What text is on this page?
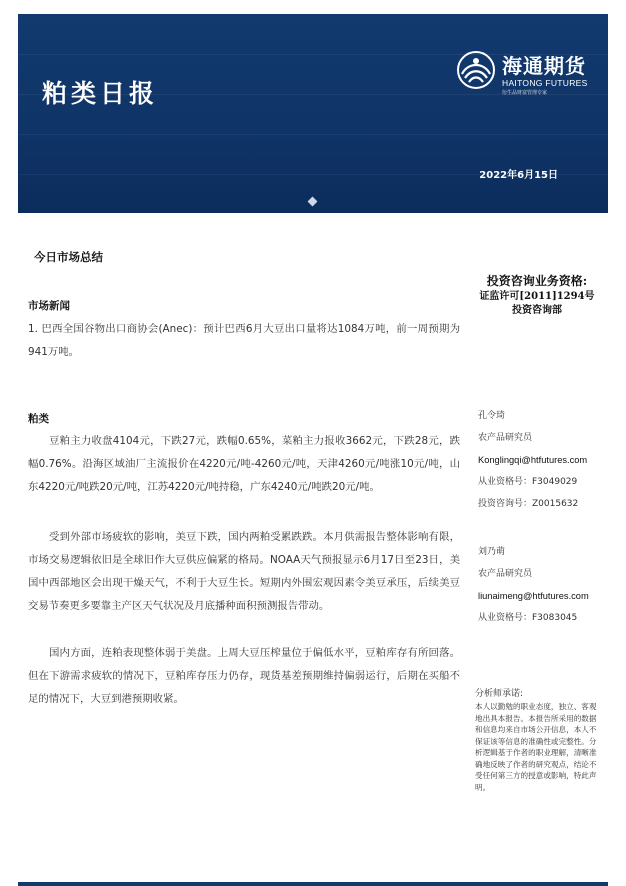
粕类日报
海通期货
HAITONG FUTURES
衍生品财富管理专家
2022年6月15日
今日市场总结
市场新闻
1. 巴西全国谷物出口商协会(Anec)：预计巴西6月大豆出口量将达1084万吨，前一周预期为941万吨。
粕类
豆粕主力收盘4104元，下跌27元，跌幅0.65%，菜粕主力报收3662元，下跌28元，跌幅0.76%。沿海区域油厂主流报价在4220元/吨-4260元/吨，天津4260元/吨涨10元/吨，山东4220元/吨跌20元/吨，江苏4220元/吨持稳，广东4240元/吨跌20元/吨。
受到外部市场疲软的影响，美豆下跌，国内两粕受累跌跌。本月供需报告整体影响有限，市场交易逻辑依旧是全球旧作大豆供应偏紧的格局。NOAA天气预报显示6月17日至23日，美国中西部地区会出现干燥天气，不利于大豆生长。短期内外围宏观因素令美豆承压，后续美豆交易节奏更多要靠主产区天气状况及月底播种面积预测报告带动。
国内方面，连粕表现整体弱于美盘。上周大豆压榨量位于偏低水平，豆粕库存有所回落。但在下游需求疲软的情况下，豆粕库存压力仍存，现货基差预期维持偏弱运行，后期在买船不足的情况下，大豆到港预期收紧。
投资咨询业务资格:
证监许可[2011]1294号
投资咨询部
孔令琦
农产品研究员
Konglingqi@htfutures.com
从业资格号：F3049029
投资咨询号：Z0015632
刘乃萌
农产品研究员
liunaimeng@htfutures.com
从业资格号：F3083045
分析师承诺:
本人以勤勉的职业态度，独立、客观地出具本报告。本报告所采用的数据和信息均来自市场公开信息，本人不保证该等信息的准确性或完整性。分析逻辑基于作者的职业理解，清晰准确地反映了作者的研究观点，结论不受任何第三方的授意或影响，特此声明。
